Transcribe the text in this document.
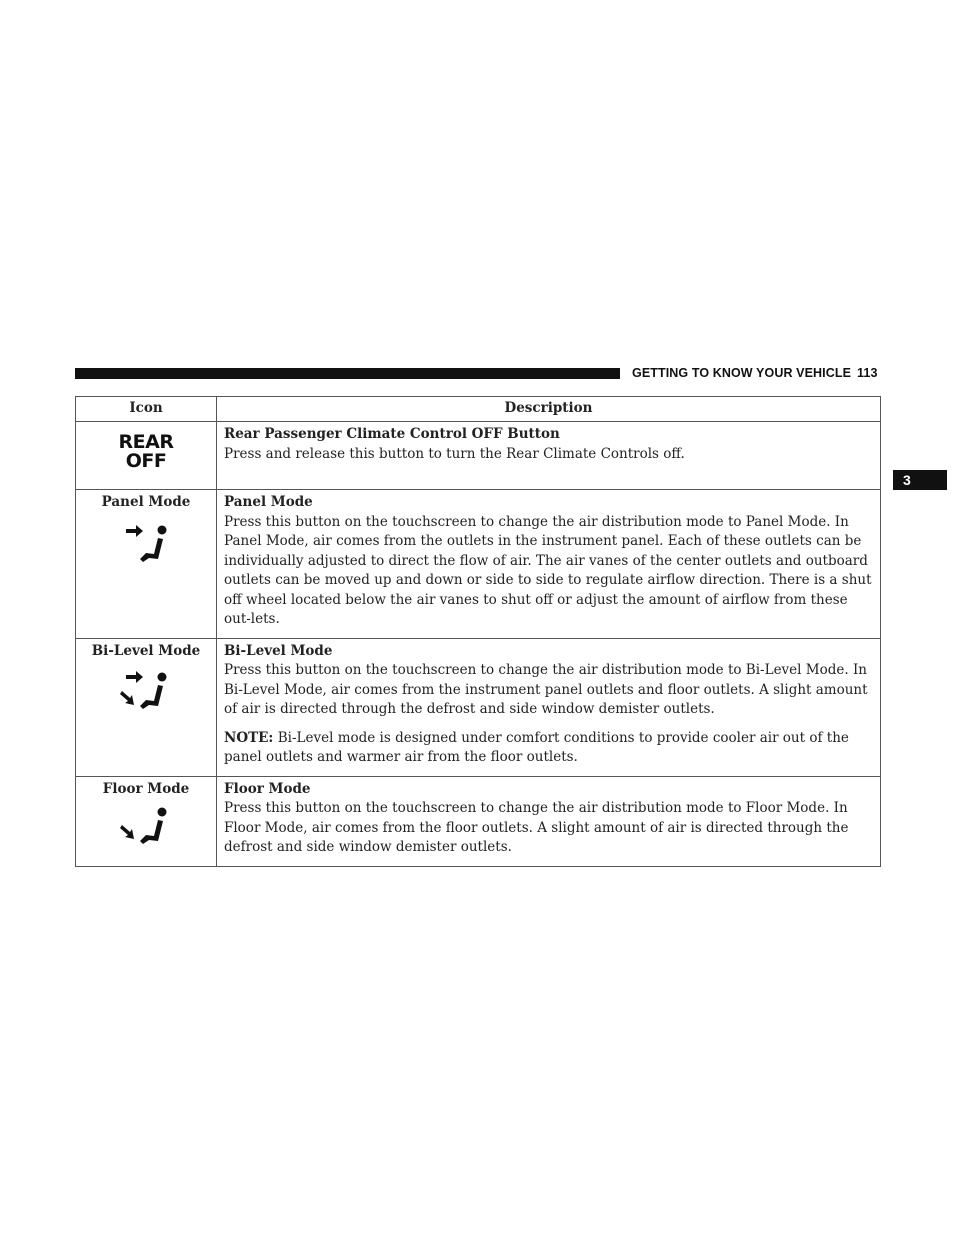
GETTING TO KNOW YOUR VEHICLE 113
3
Icon	Description

REAR
OFF	Rear Passenger Climate Control OFF Button

Press and release this button to turn the Rear Climate Controls off.

Panel Mode	Panel Mode

Press this button on the touchscreen to change the air distribution mode to Panel Mode. In Panel Mode, air comes from the outlets in the instrument panel. Each of these outlets can be individually adjusted to direct the flow of air. The air vanes of the center outlets and outboard outlets can be moved up and down or side to side to regulate airflow direction. There is a shut off wheel located below the air vanes to shut off or adjust the amount of airflow from these out-lets.

Bi-Level Mode	Bi-Level Mode

Press this button on the touchscreen to change the air distribution mode to Bi-Level Mode. In Bi-Level Mode, air comes from the instrument panel outlets and floor outlets. A slight amount of air is directed through the defrost and side window demister outlets.

NOTE: Bi-Level mode is designed under comfort conditions to provide cooler air out of the panel outlets and warmer air from the floor outlets.

Floor Mode	Floor Mode

Press this button on the touchscreen to change the air distribution mode to Floor Mode. In Floor Mode, air comes from the floor outlets. A slight amount of air is directed through the defrost and side window demister outlets.
